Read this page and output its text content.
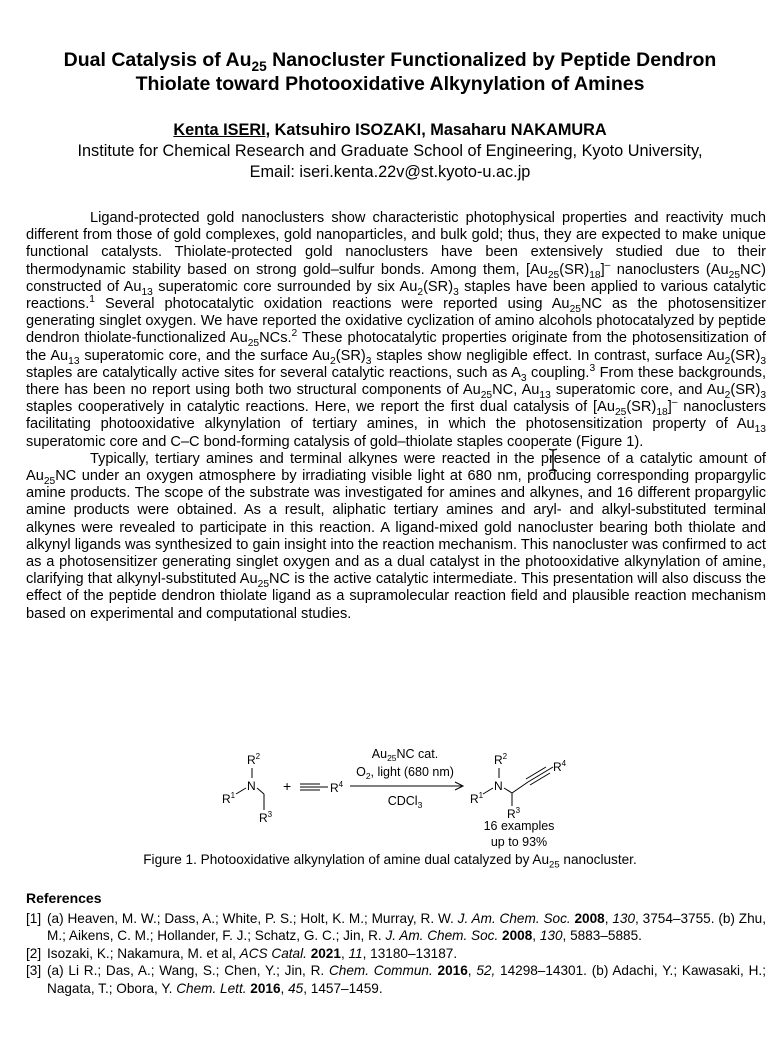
Dual Catalysis of $Au_{25}$ Nanocluster Functionalized by Peptide Dendron
Thiolate toward Photooxidative Alkynylation of Amines
Kenta ISERI, Katsuhiro ISOZAKI, Masaharu NAKAMURA
Institute for Chemical Research and Graduate School of Engineering, Kyoto University,
Email: iseri.kenta.22v@st.kyoto-u.ac.jp

Ligand-protected gold nanoclusters show characteristic photophysical properties and reactivity much different from those of gold complexes, gold nanoparticles, and bulk gold; thus, they are expected to make unique functional catalysts. Thiolate-protected gold nanoclusters have been extensively studied due to their thermodynamic stability based on strong gold–sulfur bonds. Among them, $[Au_{25}(SR)_{18}]^-$ nanoclusters $(Au_{25}NC)$ constructed of $Au_{13}$ superatomic core surrounded by six $Au_2(SR)_3$ staples have been applied to various catalytic reactions.$^1$ Several photocatalytic oxidation reactions were reported using $Au_{25}NC$ as the photosensitizer generating singlet oxygen. We have reported the oxidative cyclization of amino alcohols photocatalyzed by peptide dendron thiolate-functionalized $Au_{25}NCs.^2$ These photocatalytic properties originate from the photosensitization of the $Au_{13}$ superatomic core, and the surface $Au_2(SR)_3$ staples show negligible effect. In contrast, surface $Au_2(SR)_3$ staples are catalytically active sites for several catalytic reactions, such as $A_3$ coupling.$^3$ From these backgrounds, there has been no report using both two structural components of $Au_{25}NC$, $Au_{13}$ superatomic core, and $Au_2(SR)_3$ staples cooperatively in catalytic reactions. Here, we report the first dual catalysis of $[Au_{25}(SR)_{18}]^-$ nanoclusters facilitating photooxidative alkynylation of tertiary amines, in which the photosensitization property of $Au_{13}$ superatomic core and C–C bond-forming catalysis of gold–thiolate staples cooperate (Figure 1).

Typically, tertiary amines and terminal alkynes were reacted in the presence of a catalytic amount of $Au_{25}NC$ under an oxygen atmosphere by irradiating visible light at 680 nm, producing corresponding propargylic amine products. The scope of the substrate was investigated for amines and alkynes, and 16 different propargylic amine products were obtained. As a result, aliphatic tertiary amines and aryl- and alkyl-substituted terminal alkynes were revealed to participate in this reaction. A ligand-mixed gold nanocluster bearing both thiolate and alkynyl ligands was synthesized to gain insight into the reaction mechanism. This nanocluster was confirmed to act as a photosensitizer generating singlet oxygen and as a dual catalyst in the photooxidative alkynylation of amine, clarifying that alkynyl-substituted $Au_{25}NC$ is the active catalytic intermediate. This presentation will also discuss the effect of the peptide dendron thiolate ligand as a supramolecular reaction field and plausible reaction mechanism based on experimental and computational studies.

$R^2$
N
$R^1$
$R^3$
+	$R^4$
$Au_{25}NC$ cat.
$O_2$, light (680 nm)
CDCl$_3$
$R^2$
N
$R^1$
$R^3$
$R^4$
16 examples
up to 93%
Figure 1. Photooxidative alkynylation of amine dual catalyzed by $Au_{25}$ nanocluster.
References
[1] (a) Heaven, M. W.; Dass, A.; White, P. S.; Holt, K. M.; Murray, R. W. J. Am. Chem. Soc. 2008, 130, 3754–3755. (b) Zhu, M.; Aikens, C. M.; Hollander, F. J.; Schatz, G. C.; Jin, R. J. Am. Chem. Soc. 2008, 130, 5883–5885.
[2] Isozaki, K.; Nakamura, M. et al, ACS Catal. 2021, 11, 13180–13187.
[3] (a) Li R.; Das, A.; Wang, S.; Chen, Y.; Jin, R. Chem. Commun. 2016, 52, 14298–14301. (b) Adachi, Y.; Kawasaki, H.; Nagata, T.; Obora, Y. Chem. Lett. 2016, 45, 1457–1459.
